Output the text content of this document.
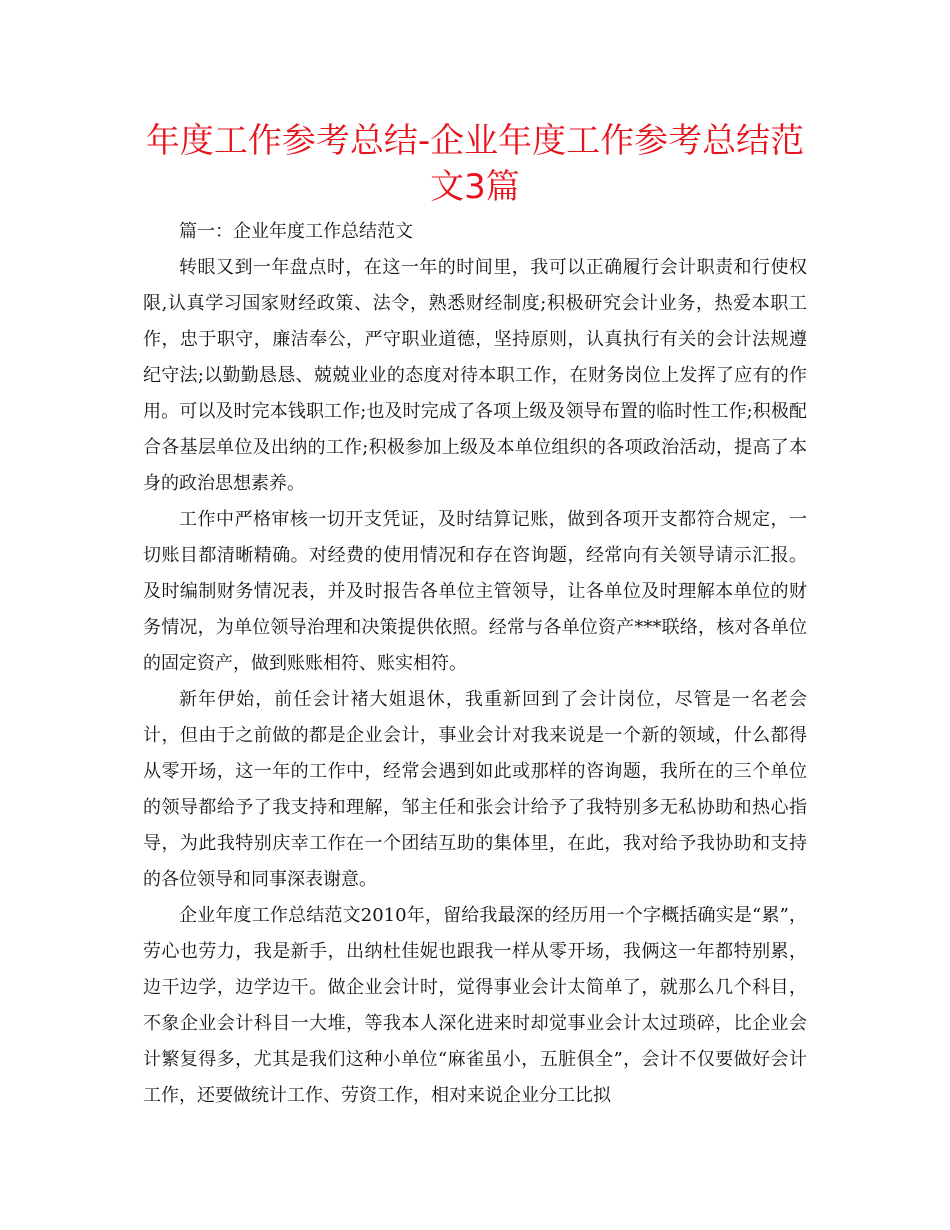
年度工作参考总结-企业年度工作参考总结范文3篇

篇一：企业年度工作总结范文

转眼又到一年盘点时，在这一年的时间里，我可以正确履行会计职责和行使权限,认真学习国家财经政策、法令，熟悉财经制度;积极研究会计业务，热爱本职工作，忠于职守，廉洁奉公，严守职业道德，坚持原则，认真执行有关的会计法规遵纪守法;以勤勤恳恳、兢兢业业的态度对待本职工作，在财务岗位上发挥了应有的作用。可以及时完本钱职工作;也及时完成了各项上级及领导布置的临时性工作;积极配合各基层单位及出纳的工作;积极参加上级及本单位组织的各项政治活动，提高了本身的政治思想素养。

工作中严格审核一切开支凭证，及时结算记账，做到各项开支都符合规定，一切账目都清晰精确。对经费的使用情况和存在咨询题，经常向有关领导请示汇报。及时编制财务情况表，并及时报告各单位主管领导，让各单位及时理解本单位的财务情况，为单位领导治理和决策提供依照。经常与各单位资产***联络，核对各单位的固定资产，做到账账相符、账实相符。

新年伊始，前任会计褚大姐退休，我重新回到了会计岗位，尽管是一名老会计，但由于之前做的都是企业会计，事业会计对我来说是一个新的领域，什么都得从零开场，这一年的工作中，经常会遇到如此或那样的咨询题，我所在的三个单位的领导都给予了我支持和理解，邹主任和张会计给予了我特别多无私协助和热心指导，为此我特别庆幸工作在一个团结互助的集体里，在此，我对给予我协助和支持的各位领导和同事深表谢意。

企业年度工作总结范文2010年，留给我最深的经历用一个字概括确实是“累”，劳心也劳力，我是新手，出纳杜佳妮也跟我一样从零开场，我俩这一年都特别累，边干边学，边学边干。做企业会计时，觉得事业会计太简单了，就那么几个科目，不象企业会计科目一大堆，等我本人深化进来时却觉事业会计太过琐碎，比企业会计繁复得多，尤其是我们这种小单位“麻雀虽小，五脏俱全”，会计不仅要做好会计工作，还要做统计工作、劳资工作，相对来说企业分工比拟
